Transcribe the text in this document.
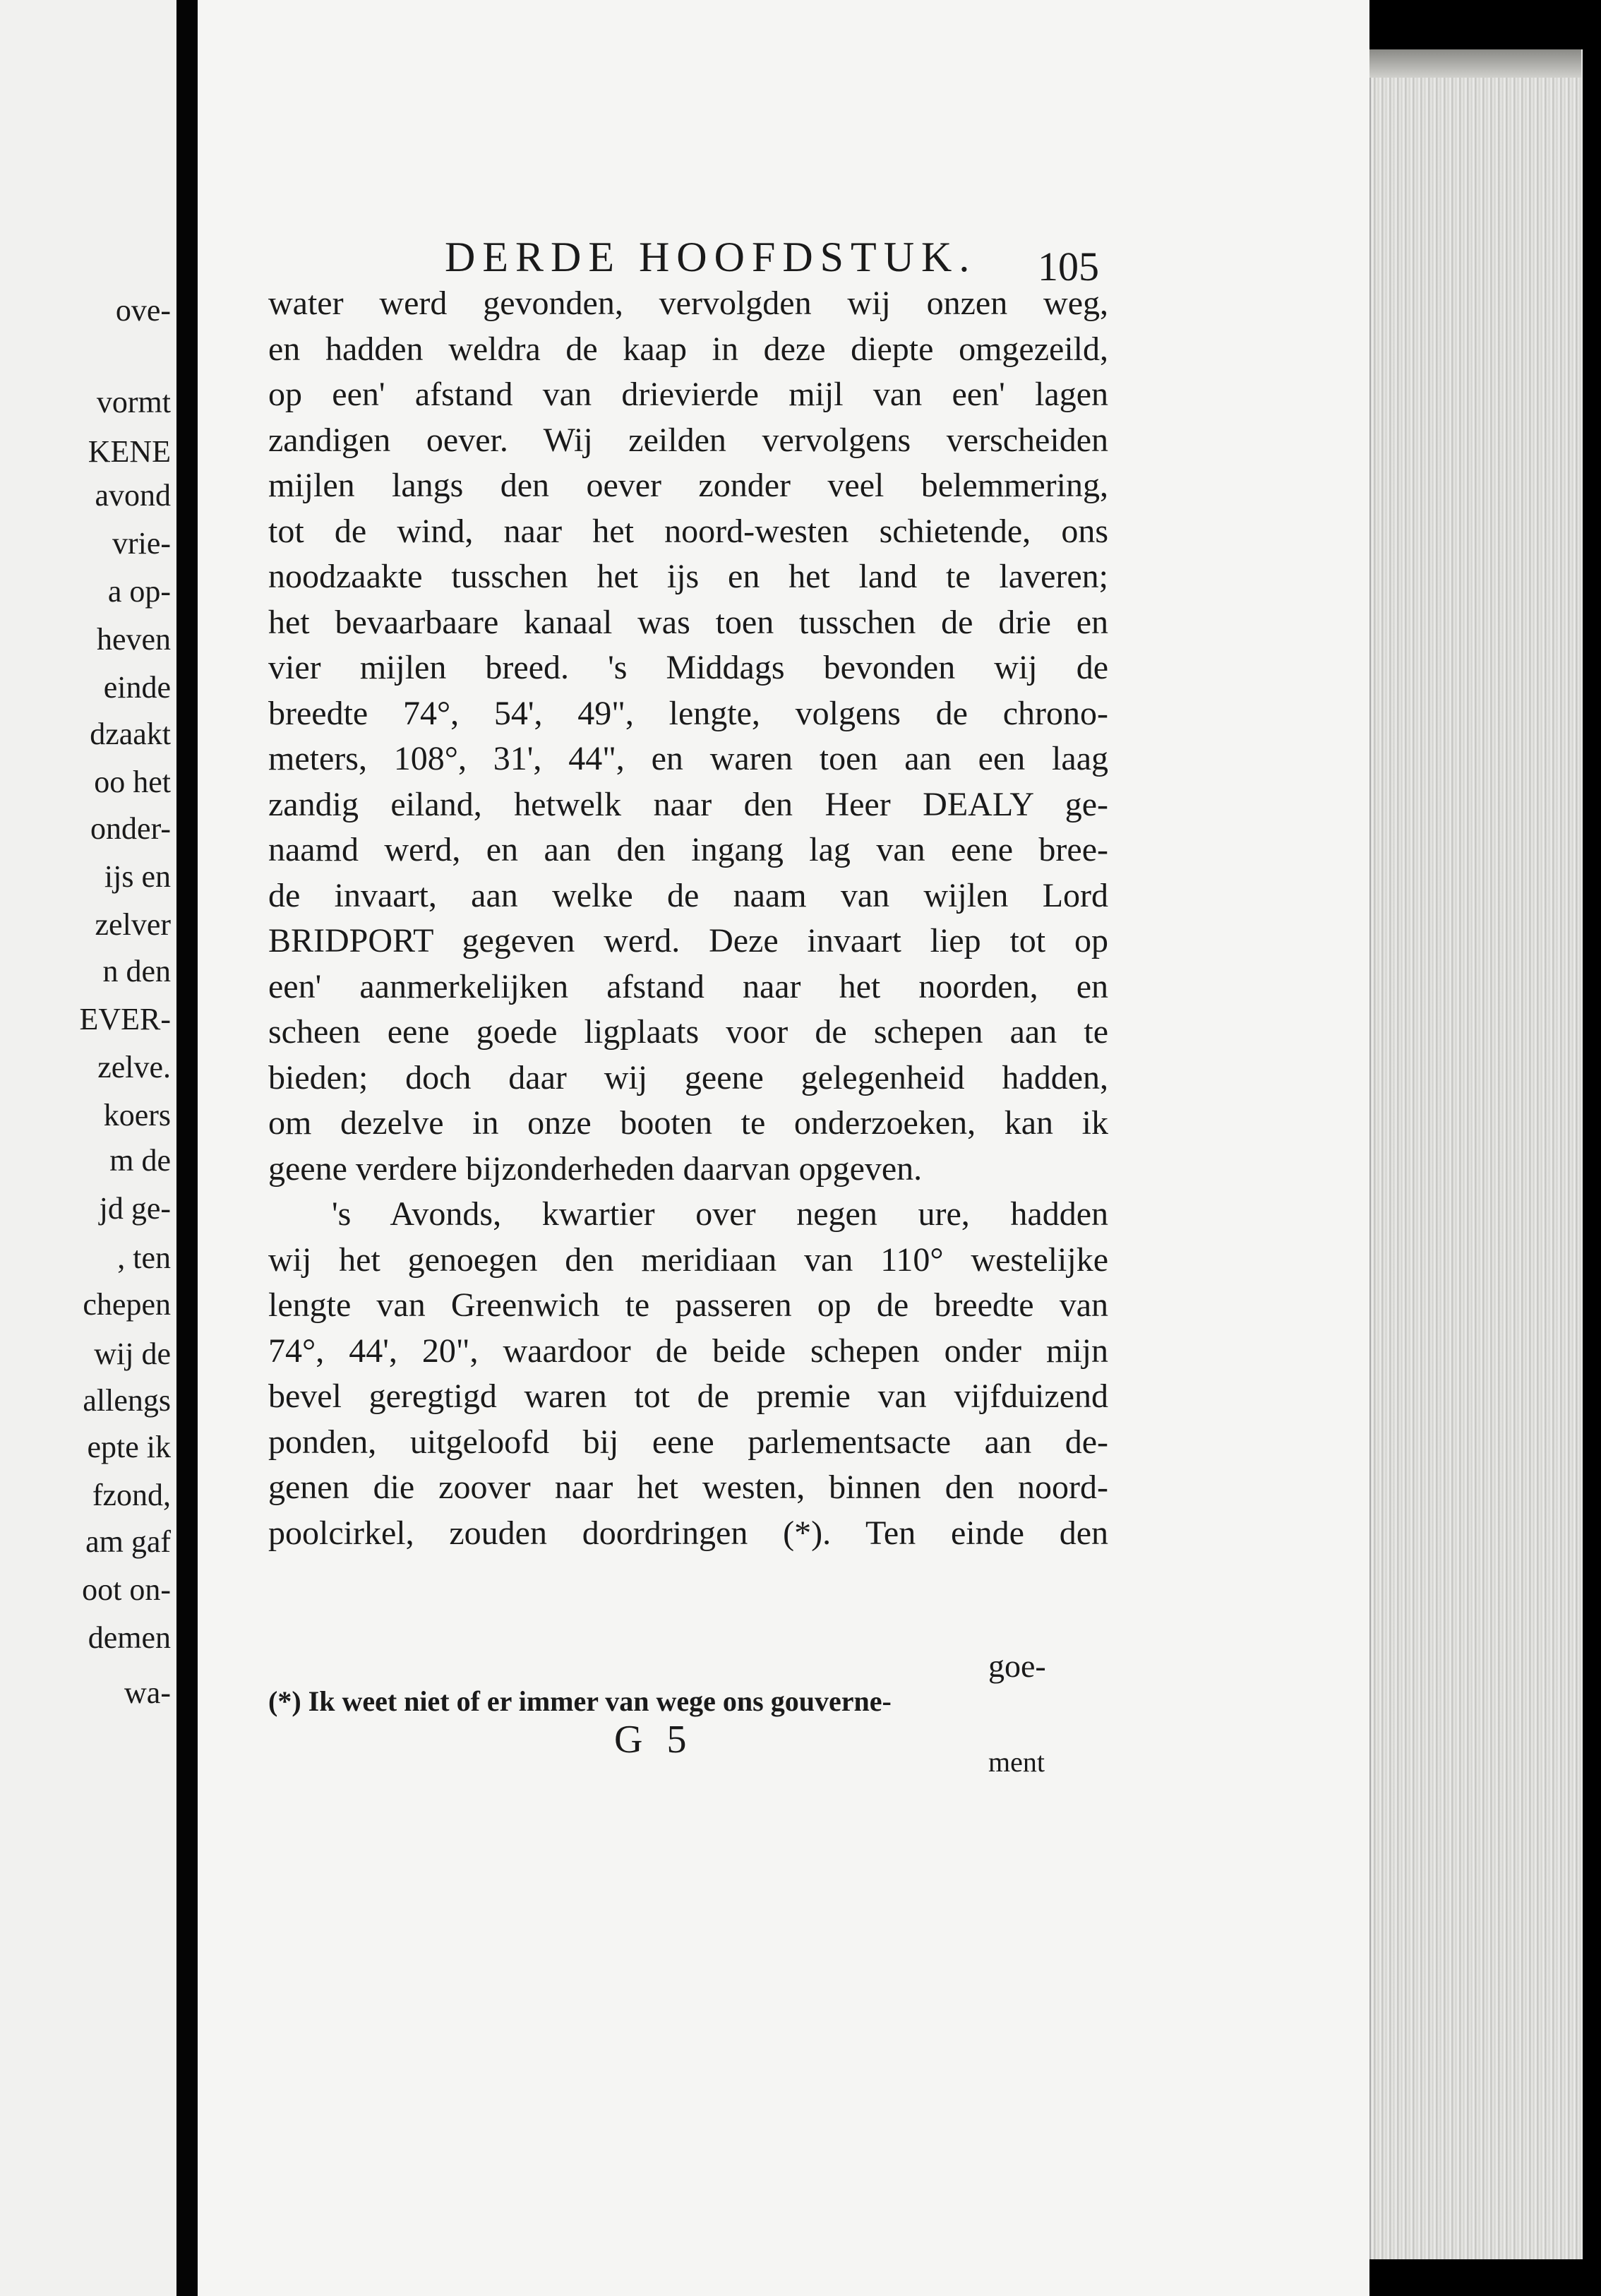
ove-
vormt
KENE
avond
vrie-
a op-
heven
einde
dzaakt
oo het
onder-
ijs en
zelver
n den
EVER-
zelve.
koers
m de
jd ge-
, ten
chepen
wij de
allengs
epte ik
fzond,
am gaf
oot on-
demen
wa-
DERDE HOOFDSTUK. 105
water werd gevonden, vervolgden wij onzen weg,
en hadden weldra de kaap in deze diepte omgezeild,
op een' afstand van drievierde mijl van een' lagen
zandigen oever. Wij zeilden vervolgens verscheiden
mijlen langs den oever zonder veel belemmering,
tot de wind, naar het noord-westen schietende, ons
noodzaakte tusschen het ijs en het land te laveren;
het bevaarbaare kanaal was toen tusschen de drie en
vier mijlen breed. 's Middags bevonden wij de
breedte 74°, 54', 49", lengte, volgens de chrono-
meters, 108°, 31', 44", en waren toen aan een laag
zandig eiland, hetwelk naar den Heer DEALY ge-
naamd werd, en aan den ingang lag van eene bree-
de invaart, aan welke de naam van wijlen Lord
BRIDPORT gegeven werd. Deze invaart liep tot op
een' aanmerkelijken afstand naar het noorden, en
scheen eene goede ligplaats voor de schepen aan te
bieden; doch daar wij geene gelegenheid hadden,
om dezelve in onze booten te onderzoeken, kan ik
geene verdere bijzonderheden daarvan opgeven.
's Avonds, kwartier over negen ure, hadden
wij het genoegen den meridiaan van 110° westelijke
lengte van Greenwich te passeren op de breedte van
74°, 44', 20", waardoor de beide schepen onder mijn
bevel geregtigd waren tot de premie van vijfduizend
ponden, uitgeloofd bij eene parlementsacte aan de-
genen die zoover naar het westen, binnen den noord-
poolcirkel, zouden doordringen (*). Ten einde den
goe-
(*) Ik weet niet of er immer van wege ons gouverne-
G 5
ment
